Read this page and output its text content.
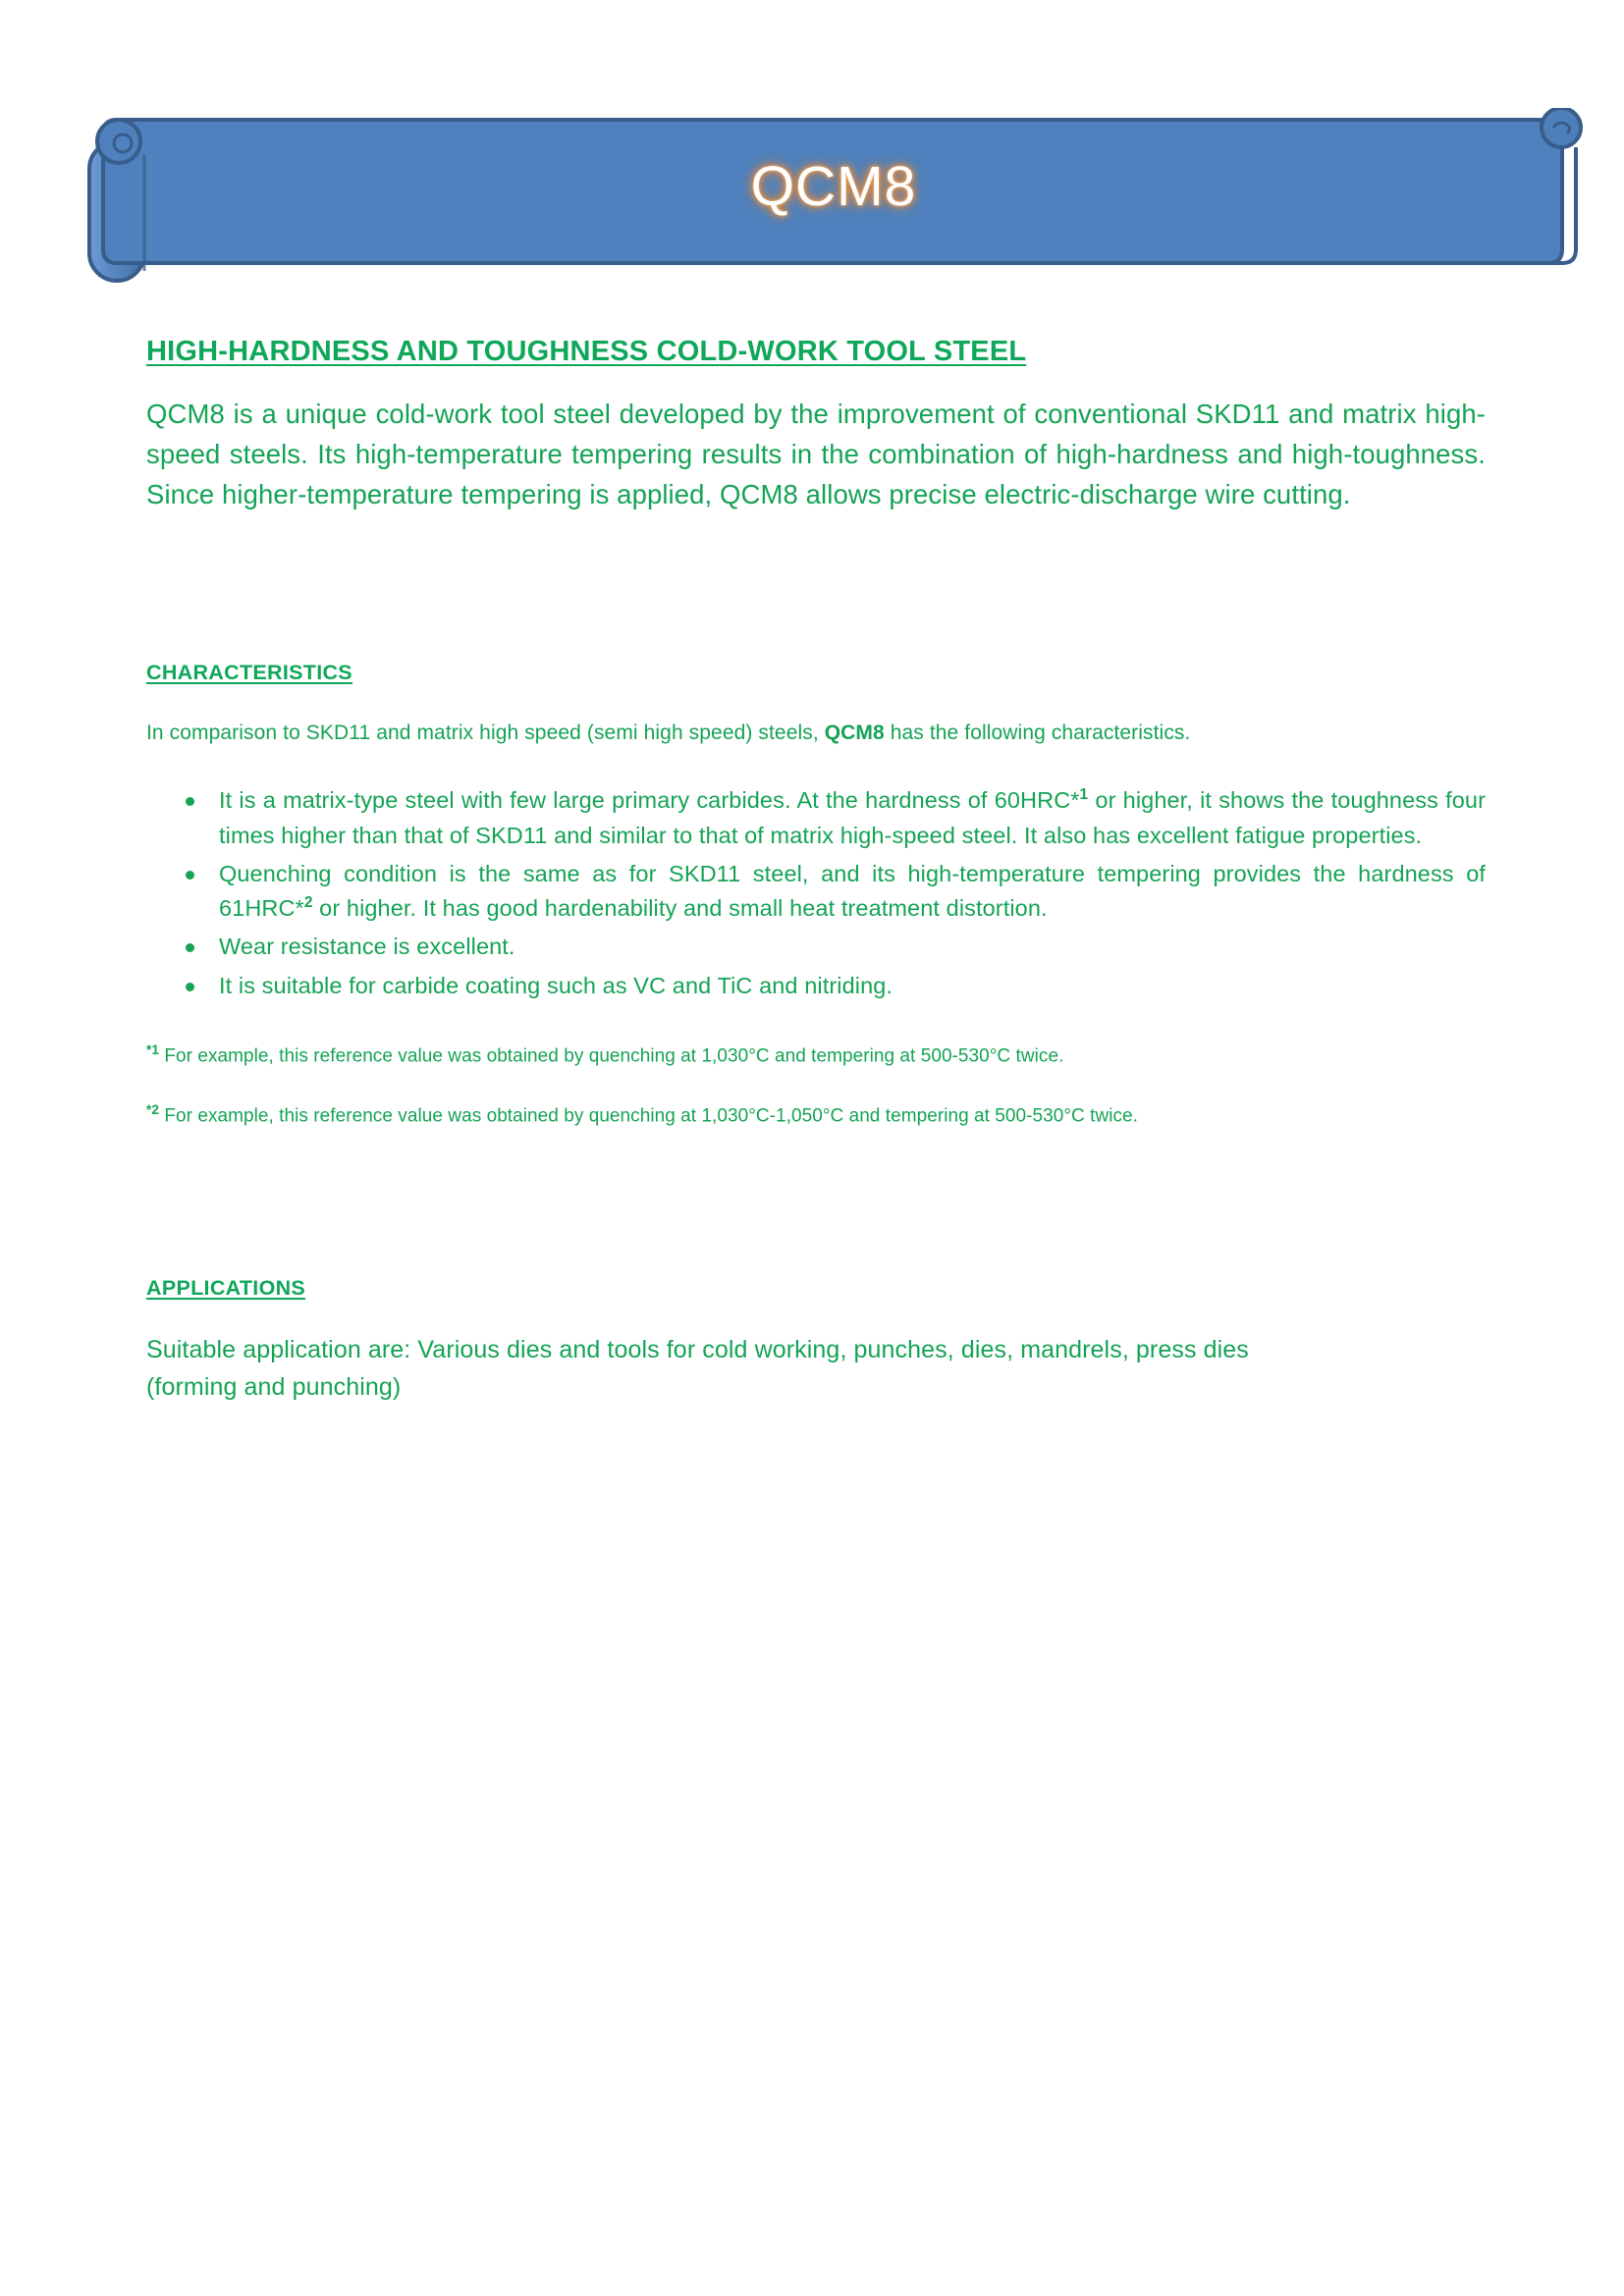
QCM8
HIGH-HARDNESS AND TOUGHNESS COLD-WORK TOOL STEEL

QCM8 is a unique cold-work tool steel developed by the improvement of conventional SKD11 and matrix high-speed steels. Its high-temperature tempering results in the combination of high-hardness and high-toughness. Since higher-temperature tempering is applied, QCM8 allows precise electric-discharge wire cutting.

CHARACTERISTICS

In comparison to SKD11 and matrix high speed (semi high speed) steels, QCM8 has the following characteristics.

It is a matrix-type steel with few large primary carbides. At the hardness of 60HRC*$^1$ or higher, it shows the toughness four times higher than that of SKD11 and similar to that of matrix high-speed steel. It also has excellent fatigue properties.
Quenching condition is the same as for SKD11 steel, and its high-temperature tempering provides the hardness of 61HRC*$^2$ or higher. It has good hardenability and small heat treatment distortion.
Wear resistance is excellent.
It is suitable for carbide coating such as VC and TiC and nitriding.

$^{*1}$ For example, this reference value was obtained by quenching at 1,030°C and tempering at 500-530°C twice.

$^{*2}$ For example, this reference value was obtained by quenching at 1,030°C-1,050°C and tempering at 500-530°C twice.

APPLICATIONS

Suitable application are: Various dies and tools for cold working, punches, dies, mandrels, press dies
(forming and punching)
